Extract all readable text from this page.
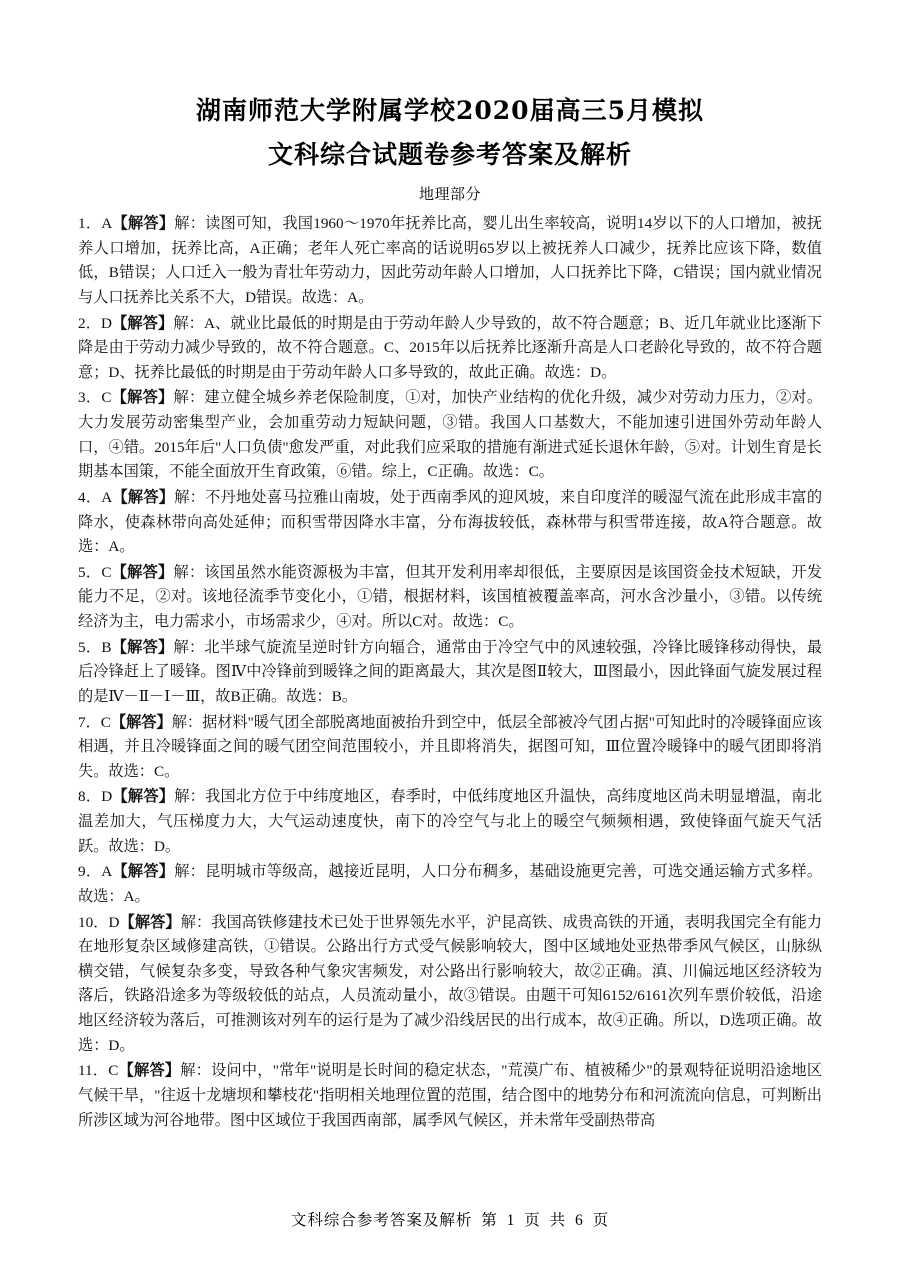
湖南师范大学附属学校2020届高三5月模拟
文科综合试题卷参考答案及解析
地理部分

1．A【解答】解：读图可知，我国1960～1970年抚养比高，婴儿出生率较高，说明14岁以下的人口增加，被抚养人口增加，抚养比高，A正确；老年人死亡率高的话说明65岁以上被抚养人口减少，抚养比应该下降，数值低，B错误；人口迁入一般为青壮年劳动力，因此劳动年龄人口增加，人口抚养比下降，C错误；国内就业情况与人口抚养比关系不大，D错误。故选：A。

2．D【解答】解：A、就业比最低的时期是由于劳动年龄人少导致的，故不符合题意；B、近几年就业比逐渐下降是由于劳动力减少导致的，故不符合题意。C、2015年以后抚养比逐渐升高是人口老龄化导致的，故不符合题意；D、抚养比最低的时期是由于劳动年龄人口多导致的，故此正确。故选：D。

3．C【解答】解：建立健全城乡养老保险制度，①对，加快产业结构的优化升级，减少对劳动力压力，②对。大力发展劳动密集型产业，会加重劳动力短缺问题，③错。我国人口基数大，不能加速引进国外劳动年龄人口，④错。2015年后"人口负债"愈发严重，对此我们应采取的措施有渐进式延长退休年龄，⑤对。计划生育是长期基本国策，不能全面放开生育政策，⑥错。综上，C正确。故选：C。

4．A【解答】解：不丹地处喜马拉雅山南坡，处于西南季风的迎风坡，来自印度洋的暖湿气流在此形成丰富的降水，使森林带向高处延伸；而积雪带因降水丰富，分布海拔较低，森林带与积雪带连接，故A符合题意。故选：A。

5．C【解答】解：该国虽然水能资源极为丰富，但其开发利用率却很低，主要原因是该国资金技术短缺，开发能力不足，②对。该地径流季节变化小，①错，根据材料，该国植被覆盖率高，河水含沙量小，③错。以传统经济为主，电力需求小，市场需求少，④对。所以C对。故选：C。

5．B【解答】解：北半球气旋流呈逆时针方向辐合，通常由于冷空气中的风速较强，冷锋比暖锋移动得快，最后冷锋赶上了暖锋。图Ⅳ中冷锋前到暖锋之间的距离最大，其次是图Ⅱ较大，Ⅲ图最小，因此锋面气旋发展过程的是Ⅳ－Ⅱ－Ⅰ－Ⅲ，故B正确。故选：B。

7．C【解答】解：据材料"暖气团全部脱离地面被抬升到空中，低层全部被冷气团占据"可知此时的冷暖锋面应该相遇，并且冷暖锋面之间的暖气团空间范围较小，并且即将消失，据图可知，Ⅲ位置冷暖锋中的暖气团即将消失。故选：C。

8．D【解答】解：我国北方位于中纬度地区，春季时，中低纬度地区升温快，高纬度地区尚未明显增温，南北温差加大，气压梯度力大，大气运动速度快，南下的冷空气与北上的暖空气频频相遇，致使锋面气旋天气活跃。故选：D。

9．A【解答】解：昆明城市等级高，越接近昆明，人口分布稠多，基础设施更完善，可选交通运输方式多样。故选：A。

10．D【解答】解：我国高铁修建技术已处于世界领先水平，沪昆高铁、成贵高铁的开通，表明我国完全有能力在地形复杂区域修建高铁，①错误。公路出行方式受气候影响较大，图中区域地处亚热带季风气候区，山脉纵横交错，气候复杂多变，导致各种气象灾害频发，对公路出行影响较大，故②正确。滇、川偏远地区经济较为落后，铁路沿途多为等级较低的站点，人员流动量小，故③错误。由题干可知6152/6161次列车票价较低，沿途地区经济较为落后，可推测该对列车的运行是为了减少沿线居民的出行成本，故④正确。所以，D选项正确。故选：D。

11．C【解答】解：设问中，"常年"说明是长时间的稳定状态，"荒漠广布、植被稀少"的景观特征说明沿途地区气候干旱，"往返十龙塘坝和攀枝花"指明相关地理位置的范围，结合图中的地势分布和河流流向信息，可判断出所涉区域为河谷地带。图中区域位于我国西南部，属季风气候区，并未常年受副热带高

文科综合参考答案及解析 第 1 页 共 6 页
